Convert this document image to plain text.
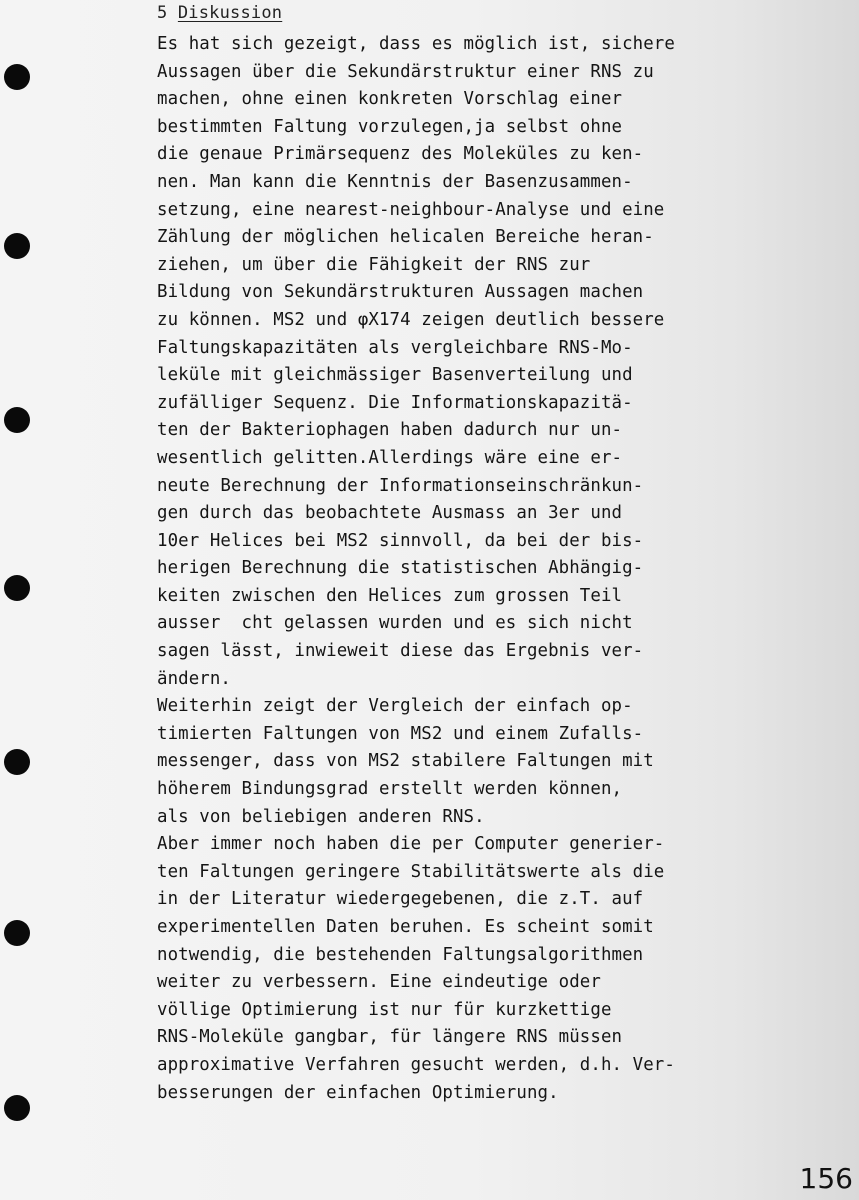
5 Diskussion
Es hat sich gezeigt, dass es möglich ist, sichere
Aussagen über die Sekundärstruktur einer RNS zu
machen, ohne einen konkreten Vorschlag einer
bestimmten Faltung vorzulegen,ja selbst ohne
die genaue Primärsequenz des Moleküles zu ken-
nen. Man kann die Kenntnis der Basenzusammen-
setzung, eine nearest-neighbour-Analyse und eine
Zählung der möglichen helicalen Bereiche heran-
ziehen, um über die Fähigkeit der RNS zur
Bildung von Sekundärstrukturen Aussagen machen
zu können. MS2 und φX174 zeigen deutlich bessere
Faltungskapazitäten als vergleichbare RNS-Mo-
leküle mit gleichmässiger Basenverteilung und
zufälliger Sequenz. Die Informationskapazitä-
ten der Bakteriophagen haben dadurch nur un-
wesentlich gelitten.Allerdings wäre eine er-
neute Berechnung der Informationseinschränkun-
gen durch das beobachtete Ausmass an 3er und
10er Helices bei MS2 sinnvoll, da bei der bis-
herigen Berechnung die statistischen Abhängig-
keiten zwischen den Helices zum grossen Teil
ausser  cht gelassen wurden und es sich nicht
sagen lässt, inwieweit diese das Ergebnis ver-
ändern.
Weiterhin zeigt der Vergleich der einfach op-
timierten Faltungen von MS2 und einem Zufalls-
messenger, dass von MS2 stabilere Faltungen mit
höherem Bindungsgrad erstellt werden können,
als von beliebigen anderen RNS.
Aber immer noch haben die per Computer generier-
ten Faltungen geringere Stabilitätswerte als die
in der Literatur wiedergegebenen, die z.T. auf
experimentellen Daten beruhen. Es scheint somit
notwendig, die bestehenden Faltungsalgorithmen
weiter zu verbessern. Eine eindeutige oder
völlige Optimierung ist nur für kurzkettige
RNS-Moleküle gangbar, für längere RNS müssen
approximative Verfahren gesucht werden, d.h. Ver-
besserungen der einfachen Optimierung.
156
